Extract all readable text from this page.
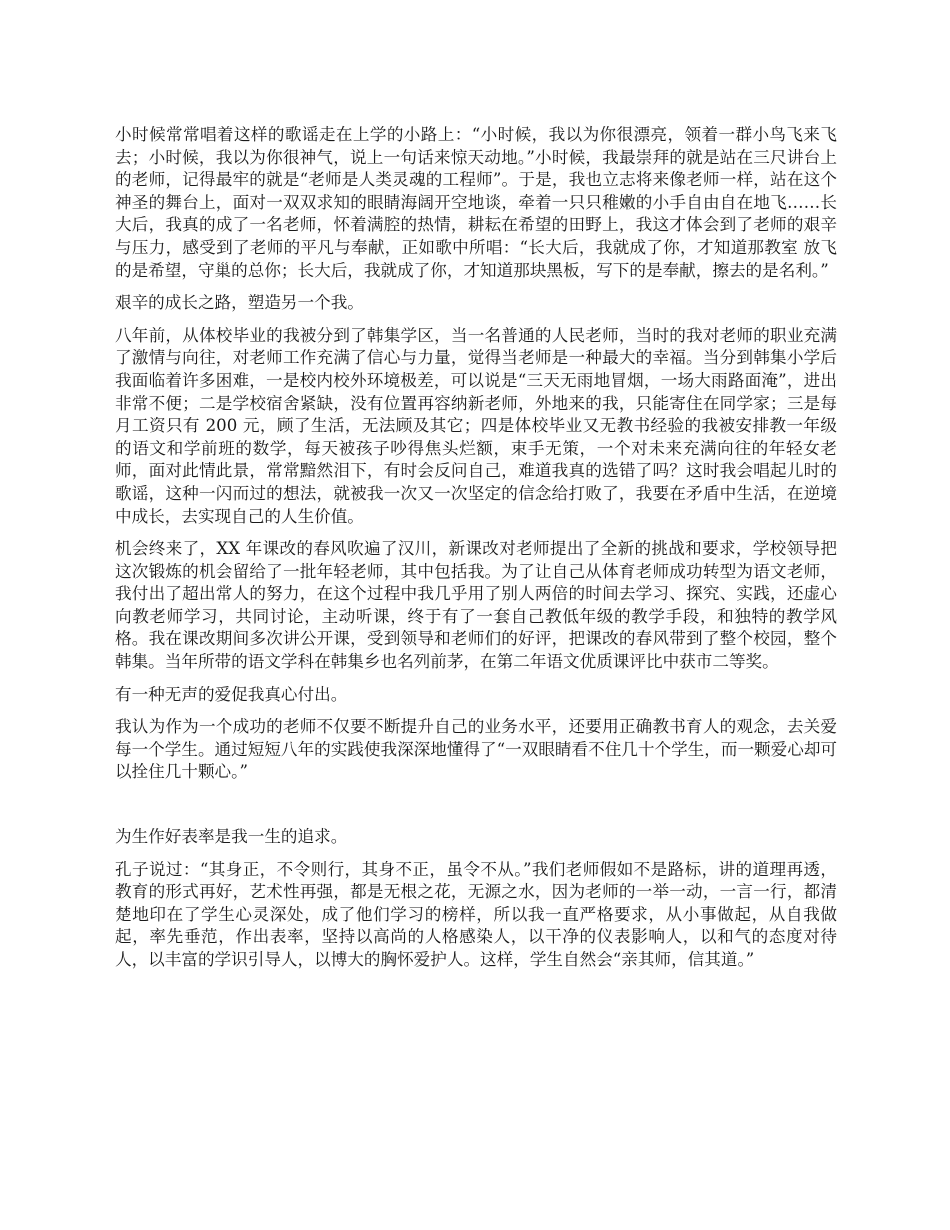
小时候常常唱着这样的歌谣走在上学的小路上：“小时候，我以为你很漂亮，领着一群小鸟飞来飞去；小时候，我以为你很神气，说上一句话来惊天动地。”小时候，我最崇拜的就是站在三尺讲台上的老师，记得最牢的就是“老师是人类灵魂的工程师”。于是，我也立志将来像老师一样，站在这个神圣的舞台上，面对一双双求知的眼睛海阔开空地谈，牵着一只只稚嫩的小手自由自在地飞……长大后，我真的成了一名老师，怀着满腔的热情，耕耘在希望的田野上，我这才体会到了老师的艰辛与压力，感受到了老师的平凡与奉献，正如歌中所唱：“长大后，我就成了你，才知道那教室 放飞的是希望，守巢的总你；长大后，我就成了你，才知道那块黑板，写下的是奉献，擦去的是名利。”

艰辛的成长之路，塑造另一个我。

八年前，从体校毕业的我被分到了韩集学区，当一名普通的人民老师，当时的我对老师的职业充满了激情与向往，对老师工作充满了信心与力量，觉得当老师是一种最大的幸福。当分到韩集小学后我面临着许多困难，一是校内校外环境极差，可以说是“三天无雨地冒烟，一场大雨路面淹”，进出非常不便；二是学校宿舍紧缺，没有位置再容纳新老师，外地来的我，只能寄住在同学家；三是每月工资只有 200 元，顾了生活，无法顾及其它；四是体校毕业又无教书经验的我被安排教一年级的语文和学前班的数学，每天被孩子吵得焦头烂额，束手无策，一个对未来充满向往的年轻女老师，面对此情此景，常常黯然泪下，有时会反问自己，难道我真的选错了吗？这时我会唱起儿时的歌谣，这种一闪而过的想法，就被我一次又一次坚定的信念给打败了，我要在矛盾中生活，在逆境中成长，去实现自己的人生价值。

机会终来了，XX 年课改的春风吹遍了汉川，新课改对老师提出了全新的挑战和要求，学校领导把这次锻炼的机会留给了一批年轻老师，其中包括我。为了让自己从体育老师成功转型为语文老师，我付出了超出常人的努力，在这个过程中我几乎用了别人两倍的时间去学习、探究、实践，还虚心向教老师学习，共同讨论，主动听课，终于有了一套自己教低年级的教学手段，和独特的教学风格。我在课改期间多次讲公开课，受到领导和老师们的好评，把课改的春风带到了整个校园，整个韩集。当年所带的语文学科在韩集乡也名列前茅，在第二年语文优质课评比中获市二等奖。

有一种无声的爱促我真心付出。

我认为作为一个成功的老师不仅要不断提升自己的业务水平，还要用正确教书育人的观念，去关爱每一个学生。通过短短八年的实践使我深深地懂得了“一双眼睛看不住几十个学生，而一颗爱心却可以拴住几十颗心。”

为生作好表率是我一生的追求。

孔子说过：“其身正，不令则行，其身不正，虽令不从。”我们老师假如不是路标，讲的道理再透，教育的形式再好，艺术性再强，都是无根之花，无源之水，因为老师的一举一动，一言一行，都清楚地印在了学生心灵深处，成了他们学习的榜样，所以我一直严格要求，从小事做起，从自我做起，率先垂范，作出表率，坚持以高尚的人格感染人，以干净的仪表影响人，以和气的态度对待人，以丰富的学识引导人，以博大的胸怀爱护人。这样，学生自然会“亲其师，信其道。”
